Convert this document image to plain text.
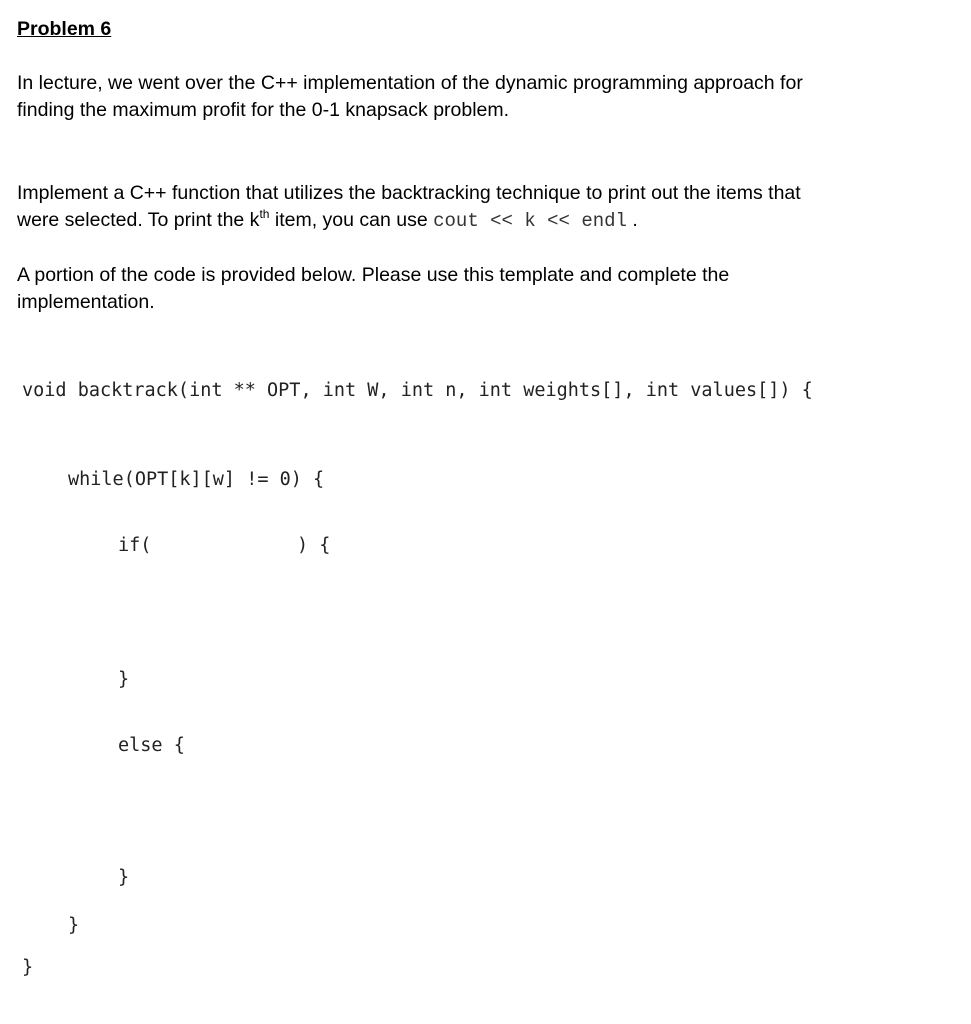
Problem 6
In lecture, we went over the C++ implementation of the dynamic programming approach for
finding the maximum profit for the 0-1 knapsack problem.
Implement a C++ function that utilizes the backtracking technique to print out the items that
were selected. To print the $k^{th}$ item, you can use cout << k << endl .
A portion of the code is provided below. Please use this template and complete the
implementation.
void backtrack(int ** OPT, int W, int n, int weights[], int values[]) {
while(OPT[k][w] != 0) {
if(	) {
}
else {
}
}
}
